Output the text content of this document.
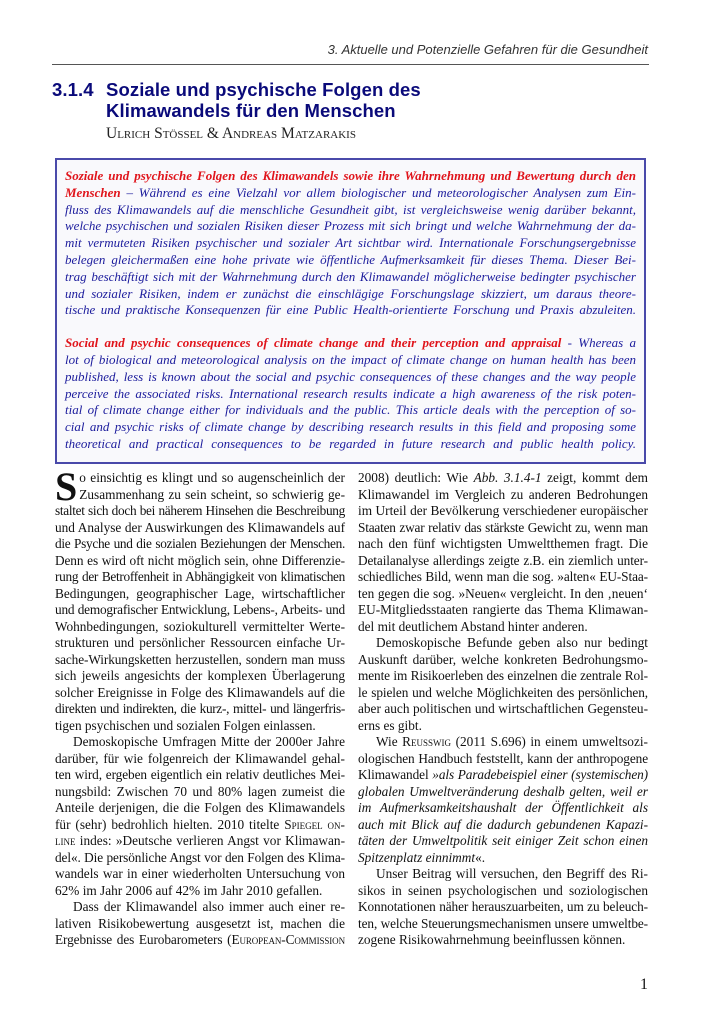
3. Aktuelle und Potenzielle Gefahren für die Gesundheit
3.1.4 Soziale und psychische Folgen des
Klimawandels für den Menschen
Ulrich Stössel & Andreas Matzarakis
Soziale und psychische Folgen des Klimawandels sowie ihre Wahrnehmung und Bewertung durch den
Menschen – Während es eine Vielzahl vor allem biologischer und meteorologischer Analysen zum Ein-
fluss des Klimawandels auf die menschliche Gesundheit gibt, ist vergleichsweise wenig darüber bekannt,
welche psychischen und sozialen Risiken dieser Prozess mit sich bringt und welche Wahrnehmung der da-
mit vermuteten Risiken psychischer und sozialer Art sichtbar wird. Internationale Forschungsergebnisse
belegen gleichermaßen eine hohe private wie öffentliche Aufmerksamkeit für dieses Thema. Dieser Bei-
trag beschäftigt sich mit der Wahrnehmung durch den Klimawandel möglicherweise bedingter psychischer
und sozialer Risiken, indem er zunächst die einschlägige Forschungslage skizziert, um daraus theore-
tische und praktische Konsequenzen für eine Public Health-orientierte Forschung und Praxis abzuleiten.
Social and psychic consequences of climate change and their perception and appraisal - Whereas a
lot of biological and meteorological analysis on the impact of climate change on human health has been
published, less is known about the social and psychic consequences of these changes and the way people
perceive the associated risks. International research results indicate a high awareness of the risk poten-
tial of climate change either for individuals and the public. This article deals with the perception of so-
cial and psychic risks of climate change by describing research results in this field and proposing some
theoretical and practical consequences to be regarded in future research and public health policy.
S o einsichtig es klingt und so augenscheinlich der
Zusammenhang zu sein scheint, so schwierig ge-
staltet sich doch bei näherem Hinsehen die Beschreibung
und Analyse der Auswirkungen des Klimawandels auf
die Psyche und die sozialen Beziehungen der Menschen.
Denn es wird oft nicht möglich sein, ohne Differenzie-
rung der Betroffenheit in Abhängigkeit von klimatischen
Bedingungen, geographischer Lage, wirtschaftlicher
und demografischer Entwicklung, Lebens-, Arbeits- und
Wohnbedingungen, soziokulturell vermittelter Werte-
strukturen und persönlicher Ressourcen einfache Ur-
sache-Wirkungsketten herzustellen, sondern man muss
sich jeweils angesichts der komplexen Überlagerung
solcher Ereignisse in Folge des Klimawandels auf die
direkten und indirekten, die kurz-, mittel- und längerfris-
tigen psychischen und sozialen Folgen einlassen.
Demoskopische Umfragen Mitte der 2000er Jahre
darüber, für wie folgenreich der Klimawandel gehal-
ten wird, ergeben eigentlich ein relativ deutliches Mei-
nungsbild: Zwischen 70 und 80% lagen zumeist die
Anteile derjenigen, die die Folgen des Klimawandels
für (sehr) bedrohlich hielten. 2010 titelte Spiegel on-
line indes: »Deutsche verlieren Angst vor Klimawan-
del«. Die persönliche Angst vor den Folgen des Klima-
wandels war in einer wiederholten Untersuchung von
62% im Jahr 2006 auf 42% im Jahr 2010 gefallen.
Dass der Klimawandel also immer auch einer re-
lativen Risikobewertung ausgesetzt ist, machen die
Ergebnisse des Eurobarometers (European-Commission
2008) deutlich: Wie Abb. 3.1.4-1 zeigt, kommt dem
Klimawandel im Vergleich zu anderen Bedrohungen
im Urteil der Bevölkerung verschiedener europäischer
Staaten zwar relativ das stärkste Gewicht zu, wenn man
nach den fünf wichtigsten Umweltthemen fragt. Die
Detailanalyse allerdings zeigte z.B. ein ziemlich unter-
schiedliches Bild, wenn man die sog. »alten« EU-Staa-
ten gegen die sog. »Neuen« vergleicht. In den ‚neuen‘
EU-Mitgliedsstaaten rangierte das Thema Klimawan-
del mit deutlichem Abstand hinter anderen.
Demoskopische Befunde geben also nur bedingt
Auskunft darüber, welche konkreten Bedrohungsmo-
mente im Risikoerleben des einzelnen die zentrale Rol-
le spielen und welche Möglichkeiten des persönlichen,
aber auch politischen und wirtschaftlichen Gegensteu-
erns es gibt.
Wie Reusswig (2011 S.696) in einem umweltsozi-
ologischen Handbuch feststellt, kann der anthropogene
Klimawandel »als Paradebeispiel einer (systemischen)
globalen Umweltveränderung deshalb gelten, weil er
im Aufmerksamkeitshaushalt der Öffentlichkeit als
auch mit Blick auf die dadurch gebundenen Kapazi-
täten der Umweltpolitik seit einiger Zeit schon einen
Spitzenplatz einnimmt«.
Unser Beitrag will versuchen, den Begriff des Ri-
sikos in seinen psychologischen und soziologischen
Konnotationen näher herauszuarbeiten, um zu beleuch-
ten, welche Steuerungsmechanismen unsere umweltbe-
zogene Risikowahrnehmung beeinflussen können.
1
